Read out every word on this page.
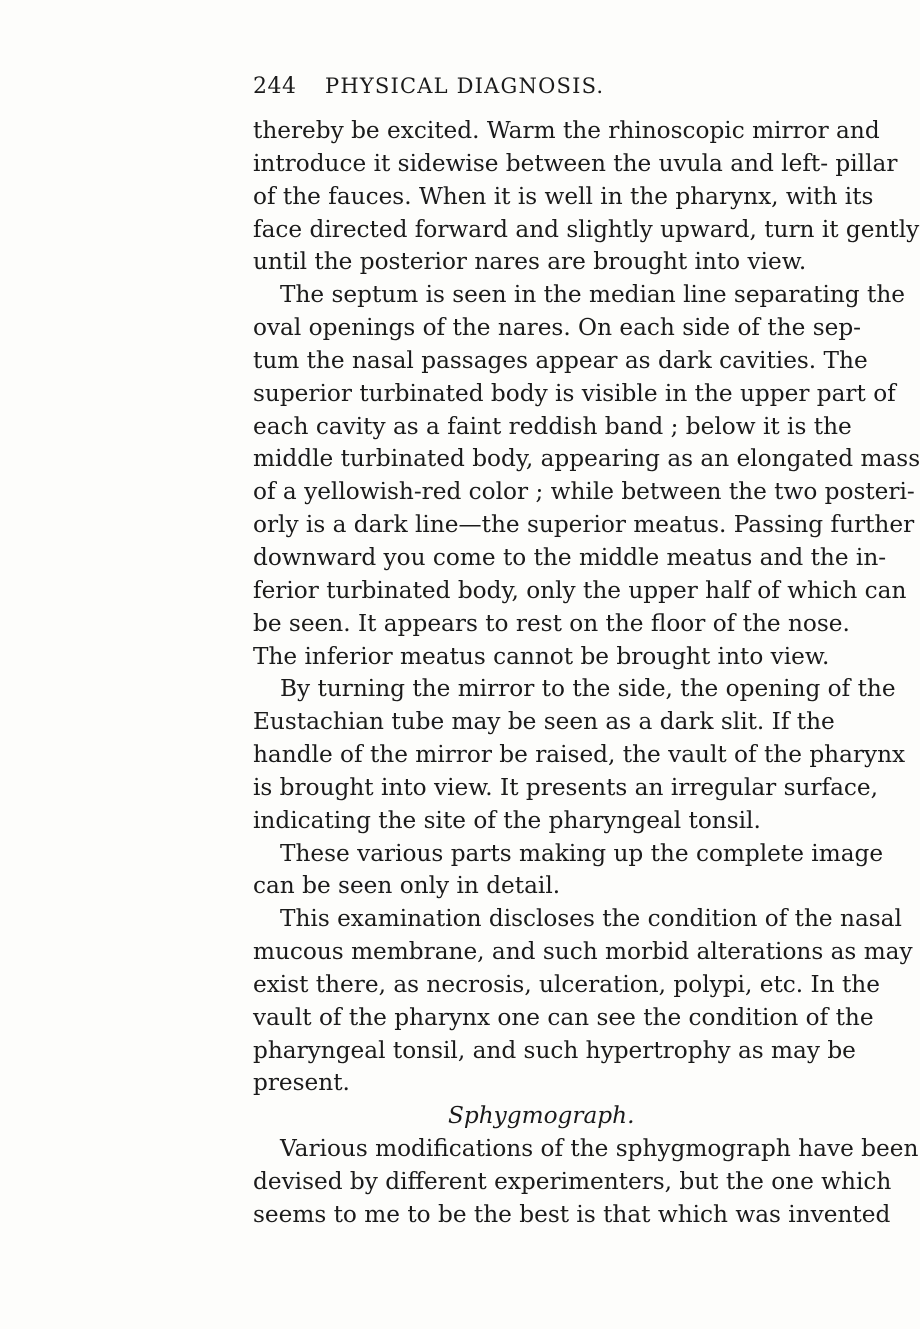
244 PHYSICAL DIAGNOSIS.
thereby be excited. Warm the rhinoscopic mirror and
introduce it sidewise between the uvula and left- pillar
of the fauces. When it is well in the pharynx, with its
face directed forward and slightly upward, turn it gently
until the posterior nares are brought into view.
The septum is seen in the median line separating the
oval openings of the nares. On each side of the sep-
tum the nasal passages appear as dark cavities. The
superior turbinated body is visible in the upper part of
each cavity as a faint reddish band ; below it is the
middle turbinated body, appearing as an elongated mass
of a yellowish-red color ; while between the two posteri-
orly is a dark line—the superior meatus. Passing further
downward you come to the middle meatus and the in-
ferior turbinated body, only the upper half of which can
be seen. It appears to rest on the floor of the nose.
The inferior meatus cannot be brought into view.
By turning the mirror to the side, the opening of the
Eustachian tube may be seen as a dark slit. If the
handle of the mirror be raised, the vault of the pharynx
is brought into view. It presents an irregular surface,
indicating the site of the pharyngeal tonsil.
These various parts making up the complete image
can be seen only in detail.
This examination discloses the condition of the nasal
mucous membrane, and such morbid alterations as may
exist there, as necrosis, ulceration, polypi, etc. In the
vault of the pharynx one can see the condition of the
pharyngeal tonsil, and such hypertrophy as may be
present.
Sphygmograph.
Various modifications of the sphygmograph have been
devised by different experimenters, but the one which
seems to me to be the best is that which was invented
